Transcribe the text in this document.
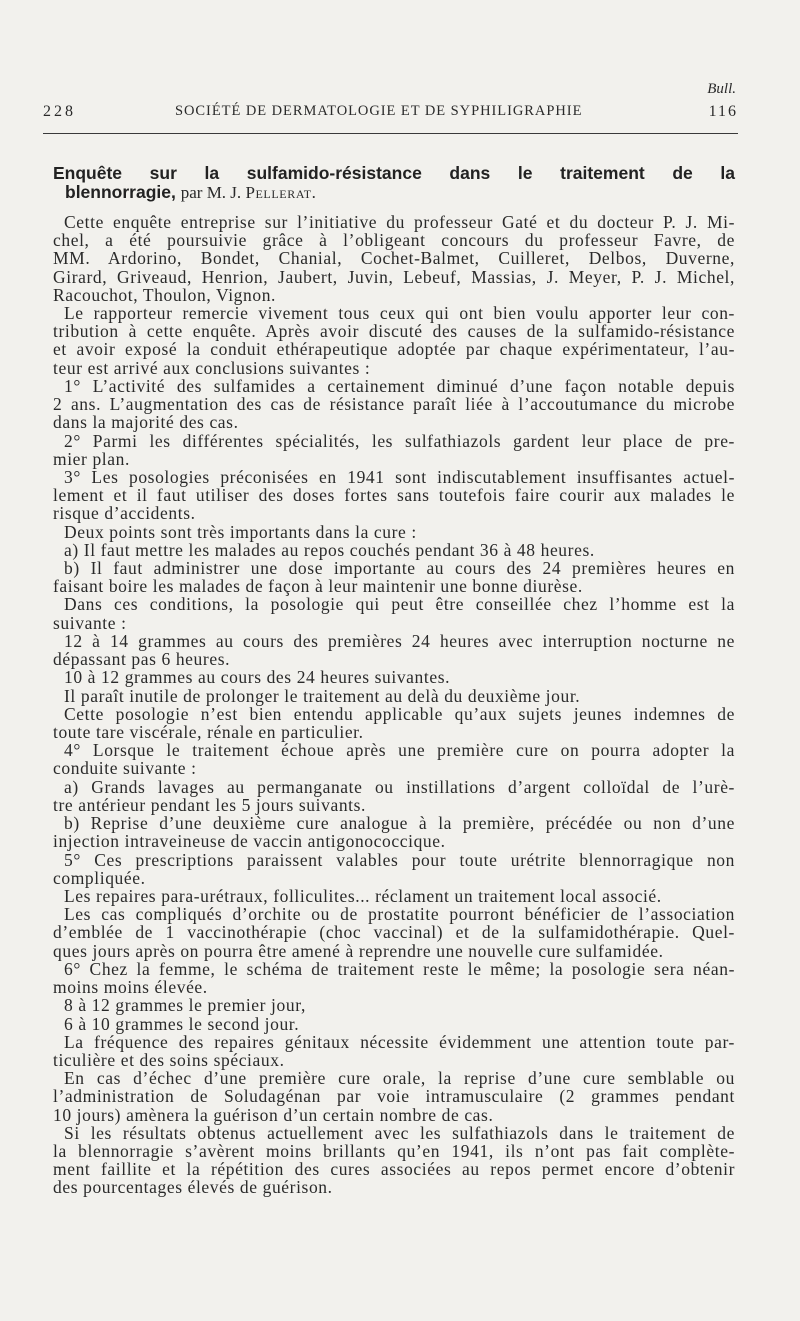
Bull.
228	SOCIÉTÉ DE DERMATOLOGIE ET DE SYPHILIGRAPHIE	116
Enquête sur la sulfamido-résistance dans le traitement de la
blennorragie, par M. J. Pellerat.
Cette enquête entreprise sur l’initiative du professeur Gaté et du docteur P. J. Mi-
chel, a été poursuivie grâce à l’obligeant concours du professeur Favre, de
MM. Ardorino, Bondet, Chanial, Cochet-Balmet, Cuilleret, Delbos, Duverne,
Girard, Griveaud, Henrion, Jaubert, Juvin, Lebeuf, Massias, J. Meyer, P. J. Michel,
Racouchot, Thoulon, Vignon.
Le rapporteur remercie vivement tous ceux qui ont bien voulu apporter leur con-
tribution à cette enquête. Après avoir discuté des causes de la sulfamido-résistance
et avoir exposé la conduit ethérapeutique adoptée par chaque expérimentateur, l’au-
teur est arrivé aux conclusions suivantes :
1° L’activité des sulfamides a certainement diminué d’une façon notable depuis
2 ans. L’augmentation des cas de résistance paraît liée à l’accoutumance du microbe
dans la majorité des cas.
2° Parmi les différentes spécialités, les sulfathiazols gardent leur place de pre-
mier plan.
3° Les posologies préconisées en 1941 sont indiscutablement insuffisantes actuel-
lement et il faut utiliser des doses fortes sans toutefois faire courir aux malades le
risque d’accidents.
Deux points sont très importants dans la cure :
a) Il faut mettre les malades au repos couchés pendant 36 à 48 heures.
b) Il faut administrer une dose importante au cours des 24 premières heures en
faisant boire les malades de façon à leur maintenir une bonne diurèse.
Dans ces conditions, la posologie qui peut être conseillée chez l’homme est la
suivante :
12 à 14 grammes au cours des premières 24 heures avec interruption nocturne ne
dépassant pas 6 heures.
10 à 12 grammes au cours des 24 heures suivantes.
Il paraît inutile de prolonger le traitement au delà du deuxième jour.
Cette posologie n’est bien entendu applicable qu’aux sujets jeunes indemnes de
toute tare viscérale, rénale en particulier.
4° Lorsque le traitement échoue après une première cure on pourra adopter la
conduite suivante :
a) Grands lavages au permanganate ou instillations d’argent colloïdal de l’urè-
tre antérieur pendant les 5 jours suivants.
b) Reprise d’une deuxième cure analogue à la première, précédée ou non d’une
injection intraveineuse de vaccin antigonococcique.
5° Ces prescriptions paraissent valables pour toute urétrite blennorragique non
compliquée.
Les repaires para-urétraux, folliculites... réclament un traitement local associé.
Les cas compliqués d’orchite ou de prostatite pourront bénéficier de l’association
d’emblée de 1 vaccinothérapie (choc vaccinal) et de la sulfamidothérapie. Quel-
ques jours après on pourra être amené à reprendre une nouvelle cure sulfamidée.
6° Chez la femme, le schéma de traitement reste le même; la posologie sera néan-
moins moins élevée.
8 à 12 grammes le premier jour,
6 à 10 grammes le second jour.
La fréquence des repaires génitaux nécessite évidemment une attention toute par-
ticulière et des soins spéciaux.
En cas d’échec d’une première cure orale, la reprise d’une cure semblable ou
l’administration de Soludagénan par voie intramusculaire (2 grammes pendant
10 jours) amènera la guérison d’un certain nombre de cas.
Si les résultats obtenus actuellement avec les sulfathiazols dans le traitement de
la blennorragie s’avèrent moins brillants qu’en 1941, ils n’ont pas fait complète-
ment faillite et la répétition des cures associées au repos permet encore d’obtenir
des pourcentages élevés de guérison.
